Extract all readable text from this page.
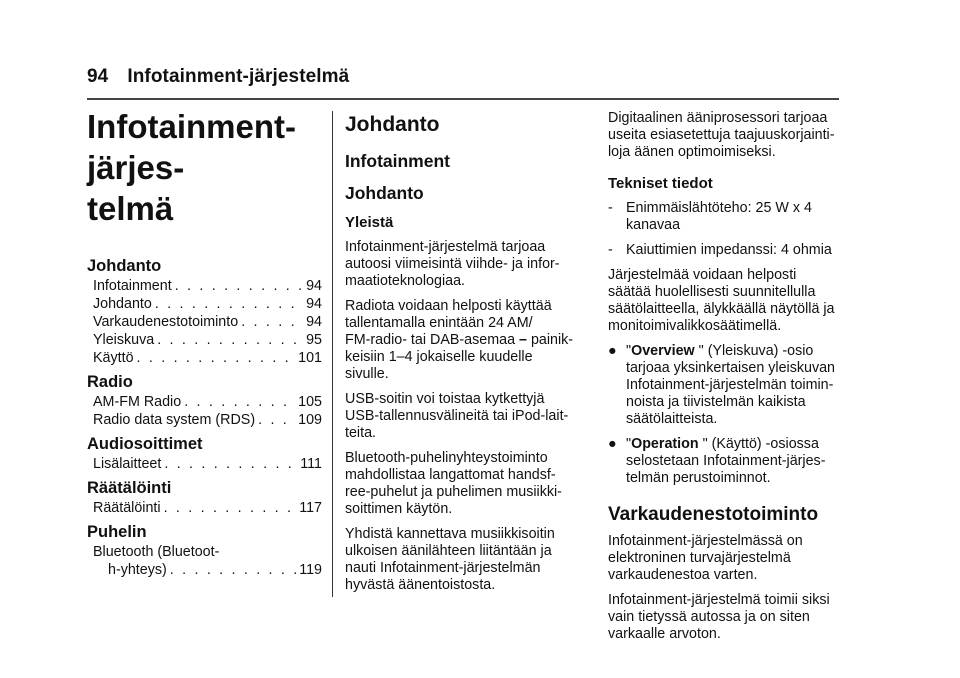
94 Infotainment-järjestelmä
Infotainment-järjes-
telmä
Johdanto
Infotainment . . .	94
Johdanto . . .	94
Varkaudenestotoiminto . . .	94
Yleiskuva . . .	95
Käyttö . . .	101
Radio
AM-FM Radio . . .	105
Radio data system (RDS) . . .	109
Audiosoittimet
Lisälaitteet . . .	111
Räätälöinti
Räätälöinti . . .	117
Puhelin
Bluetooth (Bluetoot-
h-yhteys) . . .	119
Johdanto
Infotainment
Johdanto
Yleistä
Infotainment-järjestelmä tarjoaa
autoosi viimeisintä viihde- ja infor-
maatioteknologiaa.
Radiota voidaan helposti käyttää
tallentamalla enintään 24 AM/
FM-radio- tai DAB-asemaa – painik-
keisiin 1–4 jokaiselle kuudelle
sivulle.
USB-soitin voi toistaa kytkettyjä
USB-tallennusvälineitä tai iPod-lait-
teita.
Bluetooth-puhelinyhteystoiminto
mahdollistaa langattomat handsf-
ree-puhelut ja puhelimen musiikki-
soittimen käytön.
Yhdistä kannettava musiikkisoitin
ulkoisen äänilähteen liitäntään ja
nauti Infotainment-järjestelmän
hyvästä äänentoistosta.
Digitaalinen ääniprosessori tarjoaa
useita esiasetettuja taajuuskorjainti-
loja äänen optimoimiseksi.
Tekniset tiedot
- Enimmäislähtöteho: 25 W x 4
kanavaa
- Kaiuttimien impedanssi: 4 ohmia
Järjestelmää voidaan helposti
säätää huolellisesti suunnitellulla
säätölaitteella, älykkäällä näytöllä ja
monitoimivalikkosäätimellä.
● "Overview " (Yleiskuva) -osio
tarjoaa yksinkertaisen yleiskuvan
Infotainment-järjestelmän toimin-
noista ja tiivistelmän kaikista
säätölaitteista.
● "Operation " (Käyttö) -osiossa
selostetaan Infotainment-järjes-
telmän perustoiminnot.
Varkaudenestotoiminto
Infotainment-järjestelmässä on
elektroninen turvajärjestelmä
varkaudenestoa varten.
Infotainment-järjestelmä toimii siksi
vain tietyssä autossa ja on siten
varkaalle arvoton.
